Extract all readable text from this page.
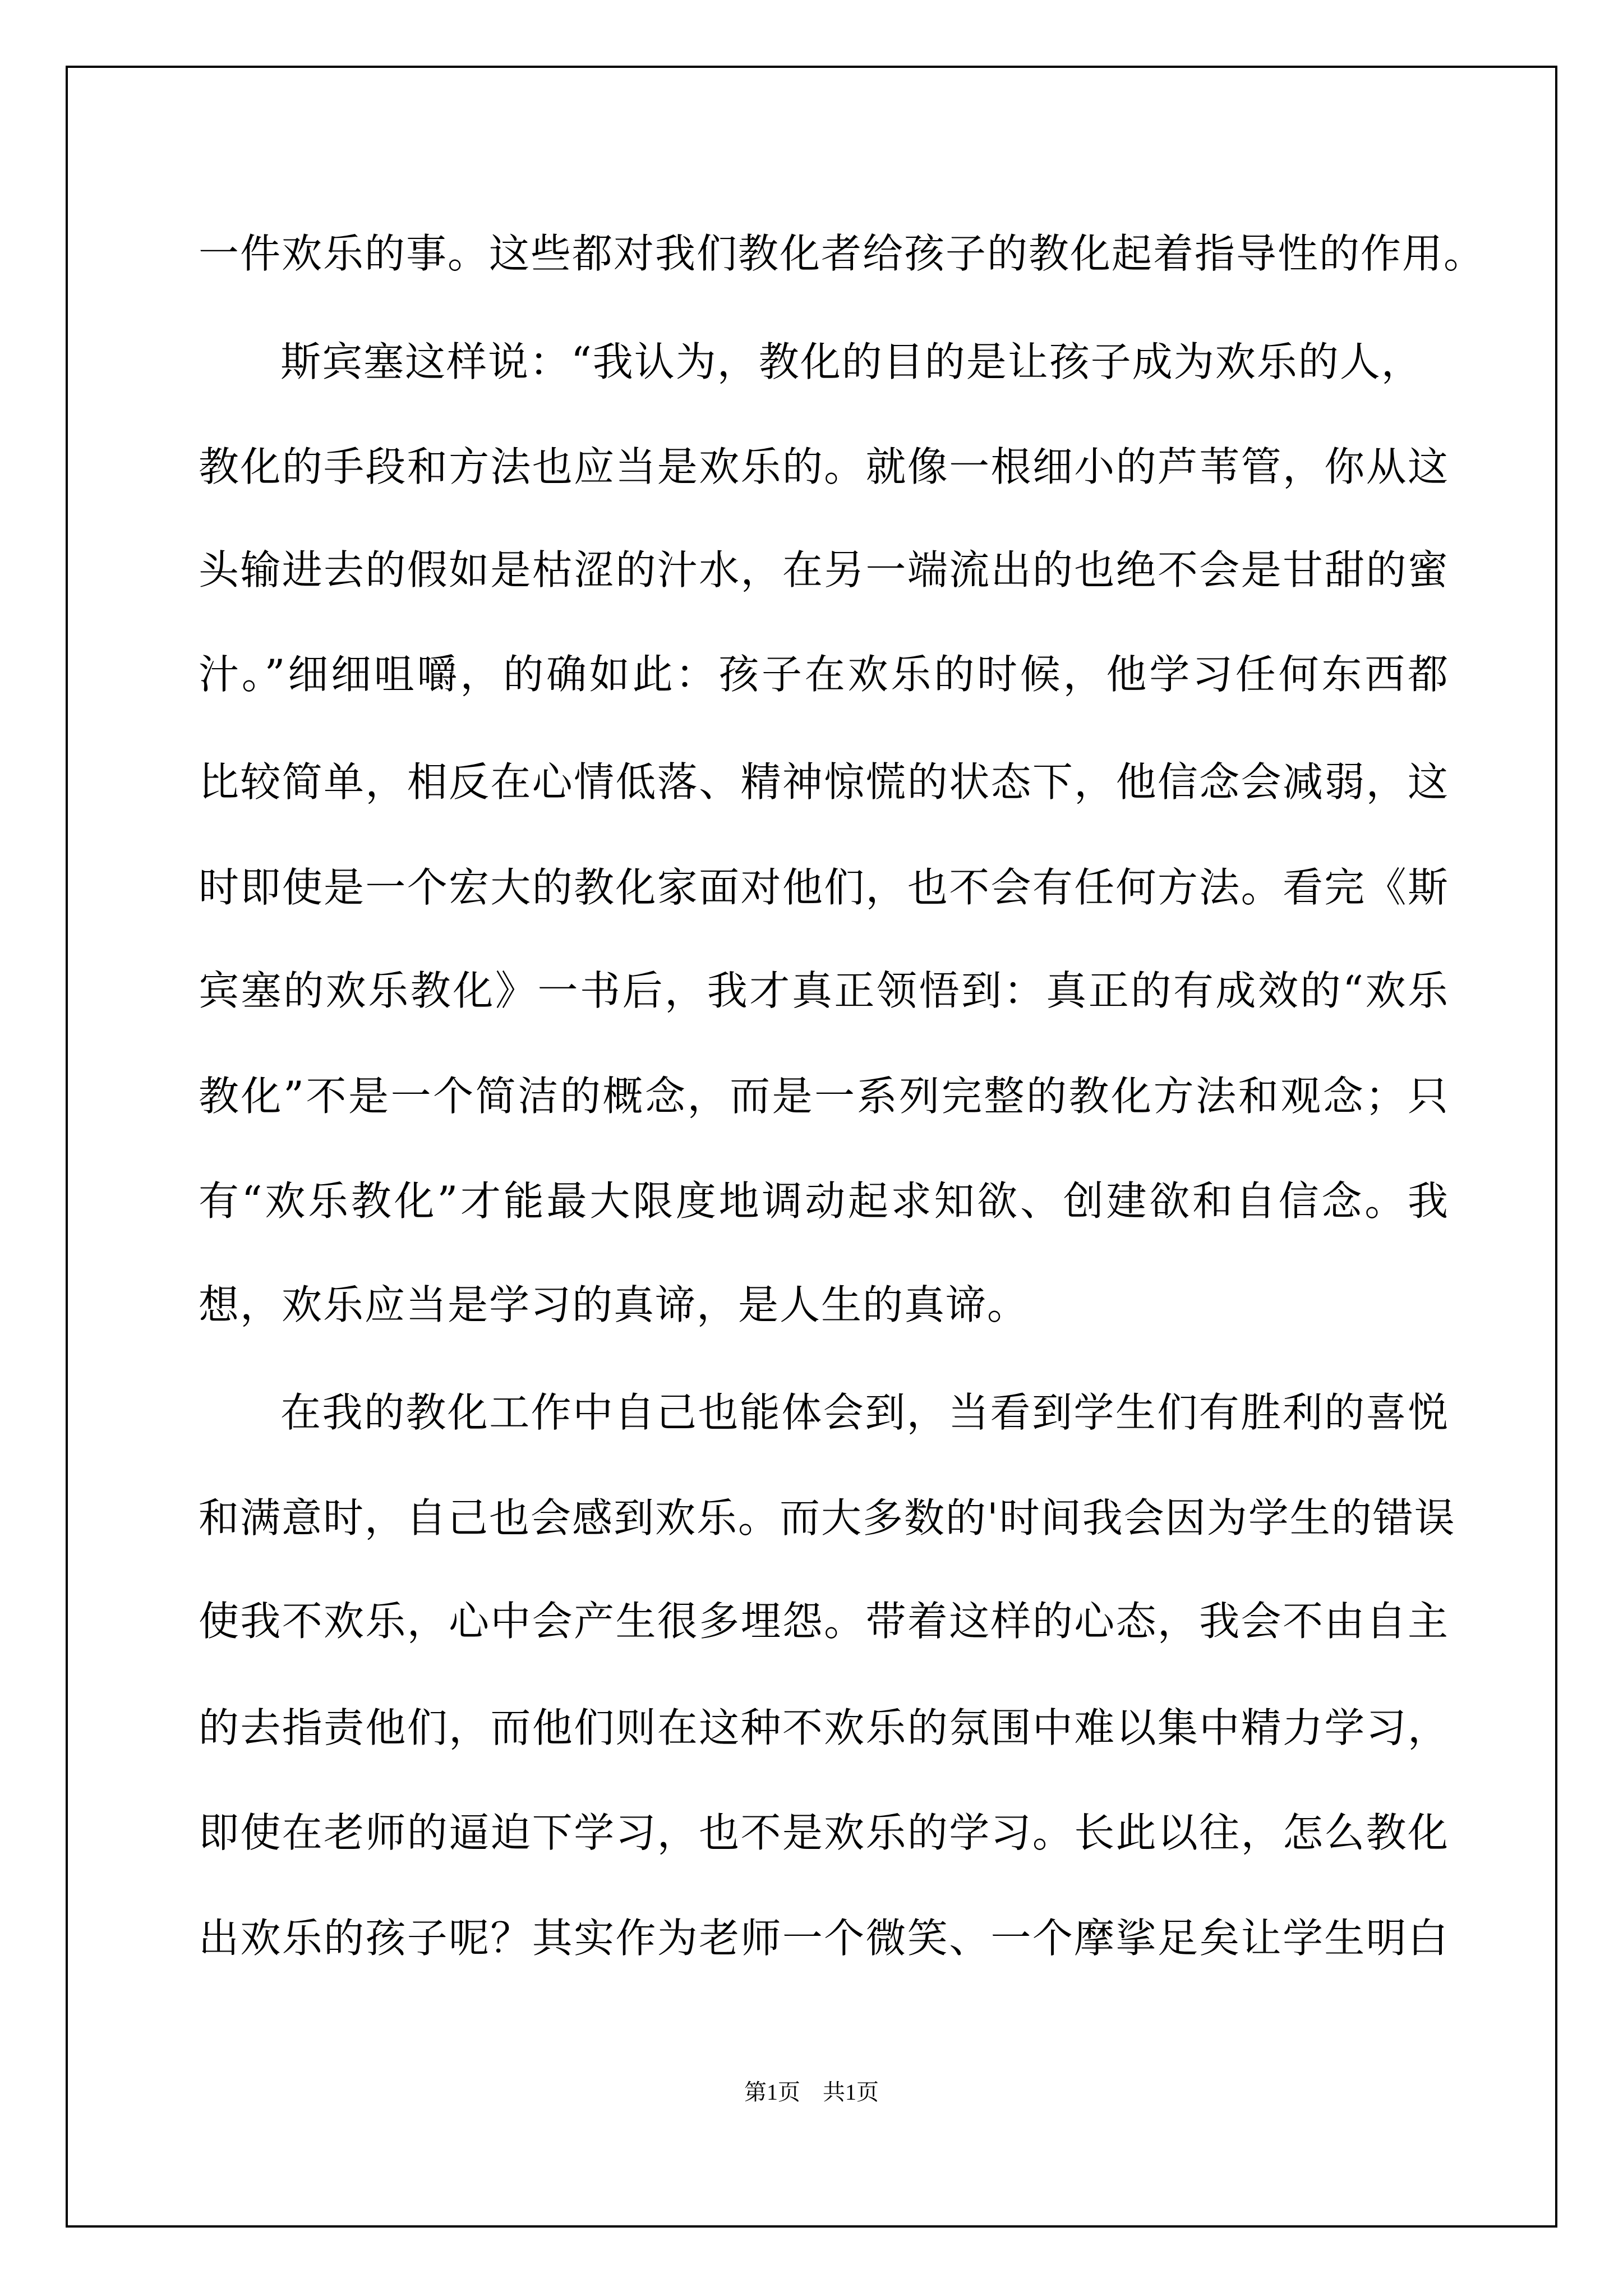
一件欢乐的事。这些都对我们教化者给孩子的教化起着指导性的作用。
斯宾塞这样说：“我认为，教化的目的是让孩子成为欢乐的人，
教化的手段和方法也应当是欢乐的。就像一根细小的芦苇管，你从这
头输进去的假如是枯涩的汁水，在另一端流出的也绝不会是甘甜的蜜
汁。”细细咀嚼，的确如此：孩子在欢乐的时候，他学习任何东西都
比较简单，相反在心情低落、精神惊慌的状态下，他信念会减弱，这
时即使是一个宏大的教化家面对他们，也不会有任何方法。看完《斯
宾塞的欢乐教化》一书后，我才真正领悟到：真正的有成效的“欢乐
教化”不是一个简洁的概念，而是一系列完整的教化方法和观念；只
有“欢乐教化”才能最大限度地调动起求知欲、创建欲和自信念。我
想，欢乐应当是学习的真谛，是人生的真谛。
在我的教化工作中自己也能体会到，当看到学生们有胜利的喜悦
和满意时，自己也会感到欢乐。而大多数的'时间我会因为学生的错误
使我不欢乐，心中会产生很多埋怨。带着这样的心态，我会不由自主
的去指责他们，而他们则在这种不欢乐的氛围中难以集中精力学习，
即使在老师的逼迫下学习，也不是欢乐的学习。长此以往，怎么教化
出欢乐的孩子呢？其实作为老师一个微笑、一个摩挲足矣让学生明白
第1页　共1页
